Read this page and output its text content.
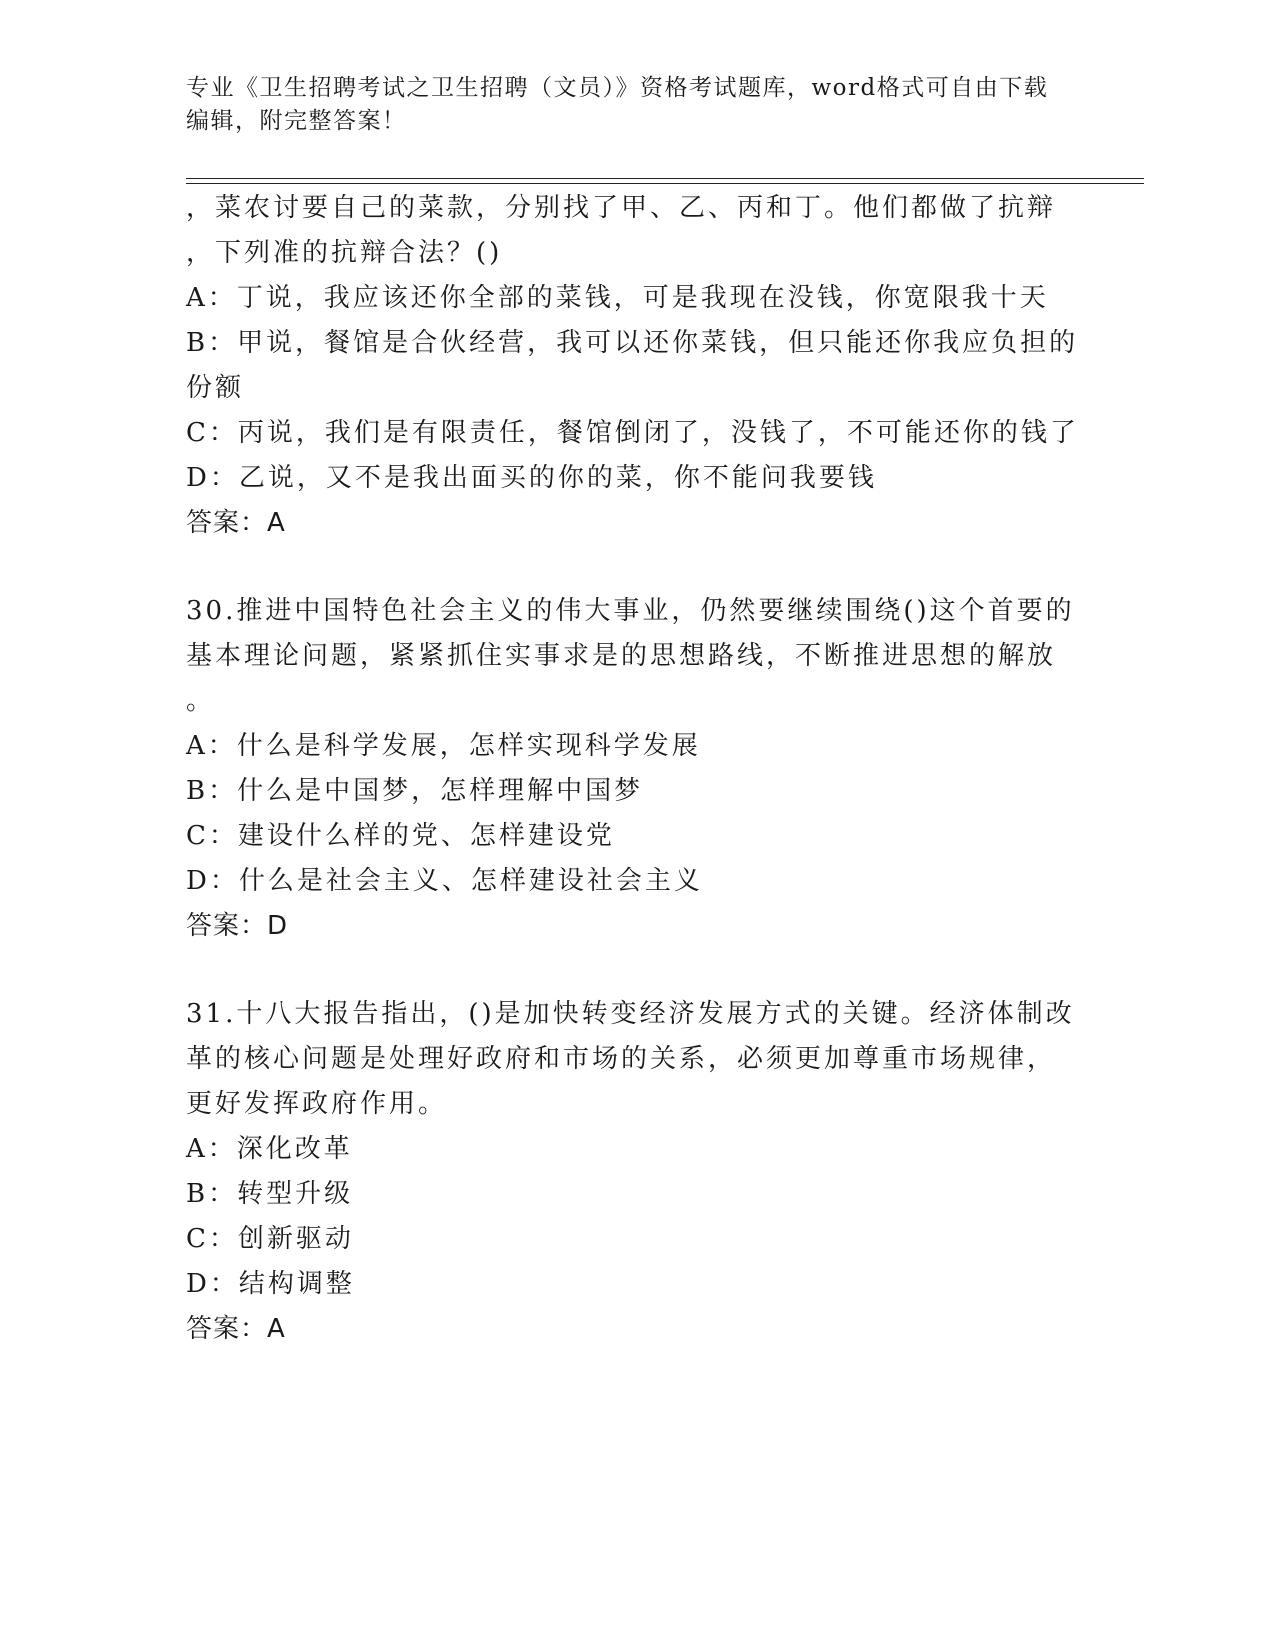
专业《卫生招聘考试之卫生招聘（文员）》资格考试题库，word格式可自由下载
编辑，附完整答案！
，菜农讨要自己的菜款，分别找了甲、乙、丙和丁。他们都做了抗辩
，下列准的抗辩合法？()
A：丁说，我应该还你全部的菜钱，可是我现在没钱，你宽限我十天
B：甲说，餐馆是合伙经营，我可以还你菜钱，但只能还你我应负担的
份额
C：丙说，我们是有限责任，餐馆倒闭了，没钱了，不可能还你的钱了
D：乙说，又不是我出面买的你的菜，你不能问我要钱
答案：A
30.推进中国特色社会主义的伟大事业，仍然要继续围绕()这个首要的
基本理论问题，紧紧抓住实事求是的思想路线，不断推进思想的解放
。
A：什么是科学发展，怎样实现科学发展
B：什么是中国梦，怎样理解中国梦
C：建设什么样的党、怎样建设党
D：什么是社会主义、怎样建设社会主义
答案：D
31.十八大报告指出，()是加快转变经济发展方式的关键。经济体制改
革的核心问题是处理好政府和市场的关系，必须更加尊重市场规律，
更好发挥政府作用。
A：深化改革
B：转型升级
C：创新驱动
D：结构调整
答案：A
